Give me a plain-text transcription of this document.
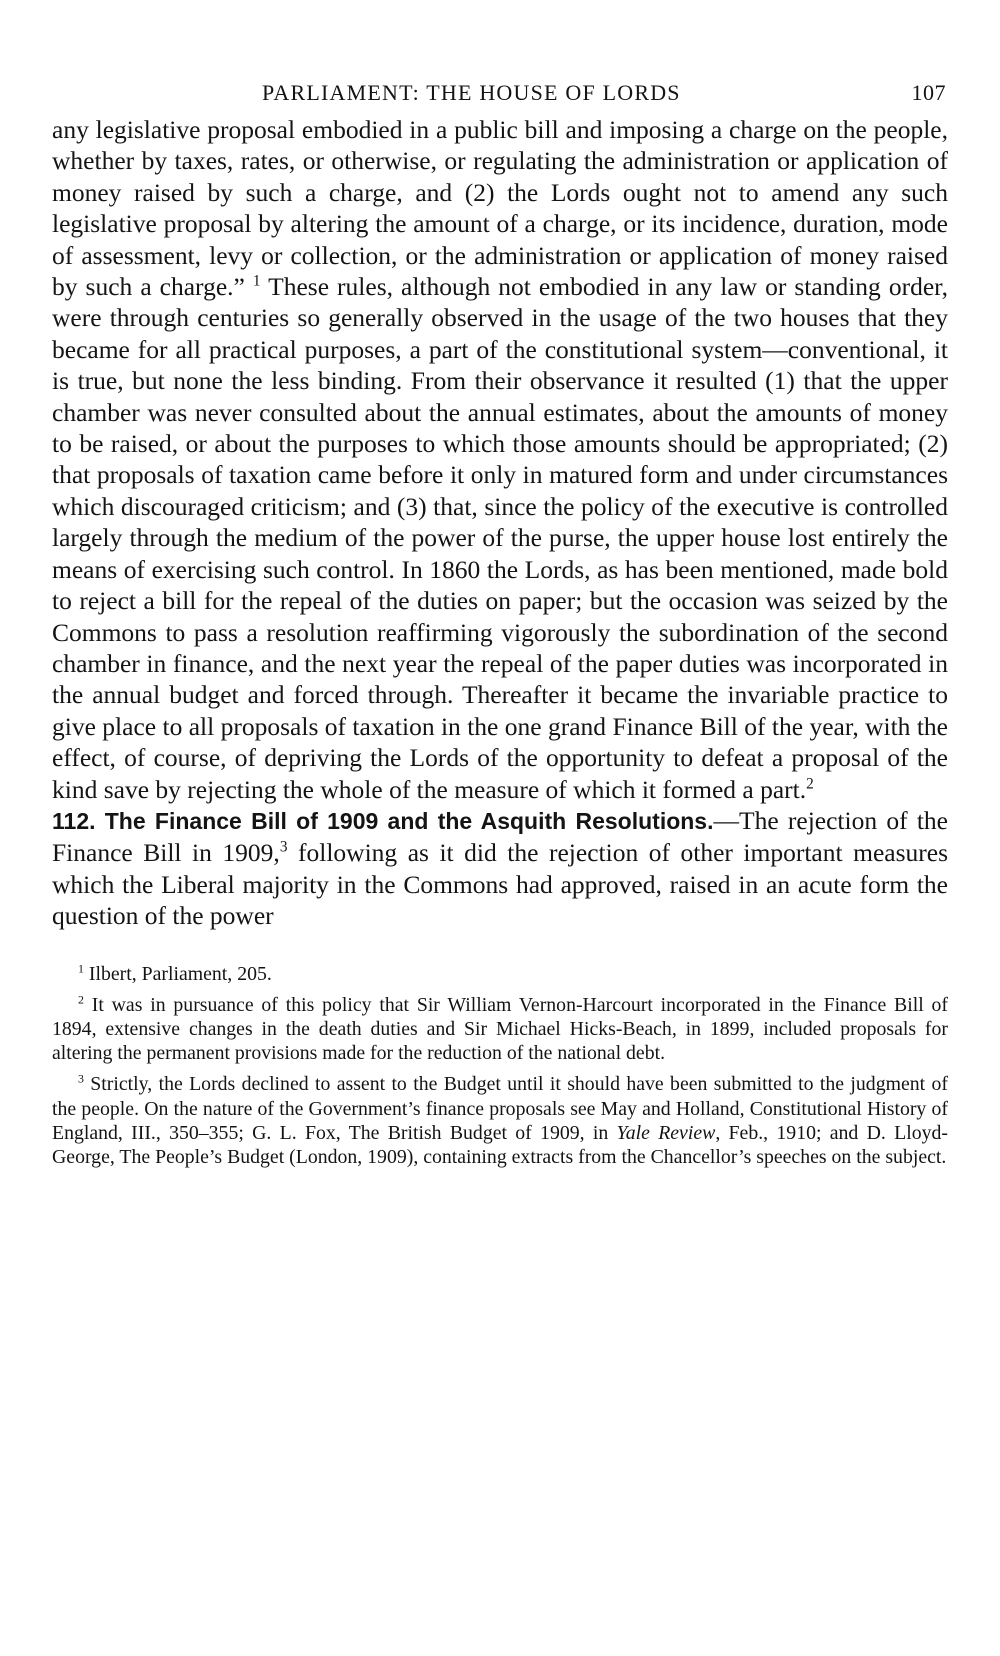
PARLIAMENT: THE HOUSE OF LORDS	107

any legislative proposal embodied in a public bill and imposing a charge on the people, whether by taxes, rates, or otherwise, or regulating the administration or application of money raised by such a charge, and (2) the Lords ought not to amend any such legislative proposal by altering the amount of a charge, or its incidence, duration, mode of assessment, levy or collection, or the administration or application of money raised by such a charge.” $^1$ These rules, although not embodied in any law or standing order, were through centuries so generally observed in the usage of the two houses that they became for all practical purposes, a part of the constitutional system—conventional, it is true, but none the less binding. From their observance it resulted (1) that the upper chamber was never consulted about the annual estimates, about the amounts of money to be raised, or about the purposes to which those amounts should be appropriated; (2) that proposals of taxation came before it only in matured form and under circumstances which discouraged criticism; and (3) that, since the policy of the executive is controlled largely through the medium of the power of the purse, the upper house lost entirely the means of exercising such control. In 1860 the Lords, as has been mentioned, made bold to reject a bill for the repeal of the duties on paper; but the occasion was seized by the Commons to pass a resolution reaffirming vigorously the subordination of the second chamber in finance, and the next year the repeal of the paper duties was incorporated in the annual budget and forced through. Thereafter it became the invariable practice to give place to all proposals of taxation in the one grand Finance Bill of the year, with the effect, of course, of depriving the Lords of the opportunity to defeat a proposal of the kind save by rejecting the whole of the measure of which it formed a part.$^2$

112. The Finance Bill of 1909 and the Asquith Resolutions.—The rejection of the Finance Bill in 1909,$^3$ following as it did the rejection of other important measures which the Liberal majority in the Commons had approved, raised in an acute form the question of the power

$^1$ Ilbert, Parliament, 205.

$^2$ It was in pursuance of this policy that Sir William Vernon-Harcourt incorporated in the Finance Bill of 1894, extensive changes in the death duties and Sir Michael Hicks-Beach, in 1899, included proposals for altering the permanent provisions made for the reduction of the national debt.

$^3$ Strictly, the Lords declined to assent to the Budget until it should have been submitted to the judgment of the people. On the nature of the Government’s finance proposals see May and Holland, Constitutional History of England, III., 350–355; G. L. Fox, The British Budget of 1909, in Yale Review, Feb., 1910; and D. Lloyd-George, The People’s Budget (London, 1909), containing extracts from the Chancellor’s speeches on the subject.
